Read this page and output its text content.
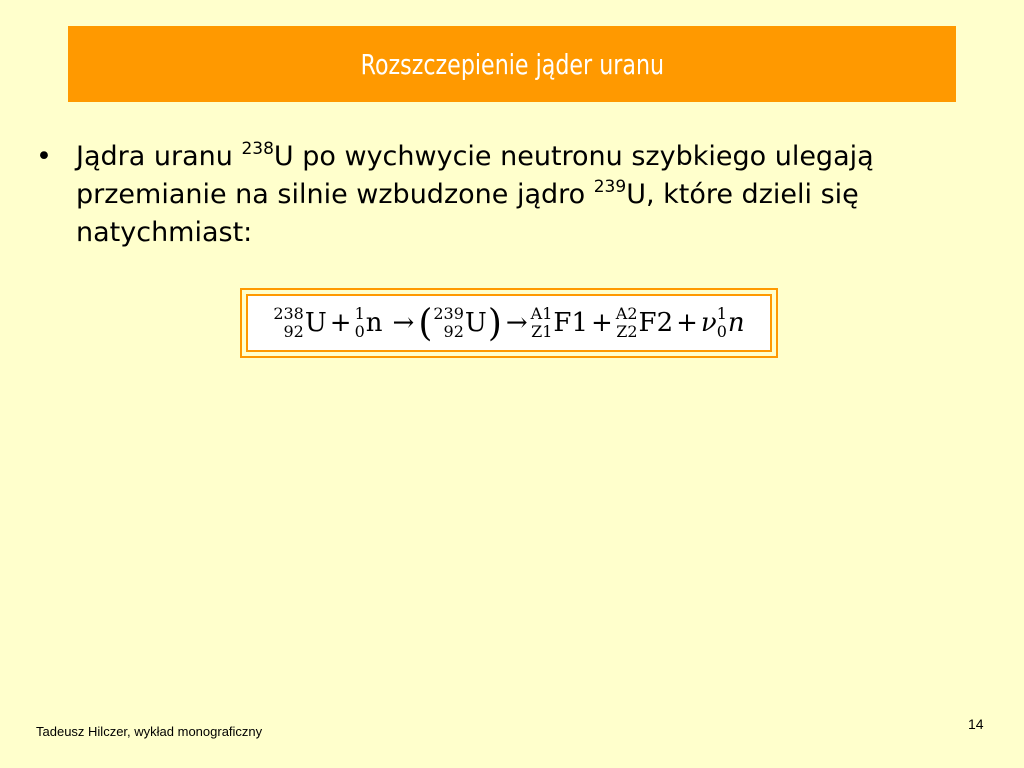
Rozszczepienie jąder uranu
• Jądra uranu $^{238}$U po wychwycie neutronu szybkiego ulegają przemianie na silnie wzbudzone jądro $^{239}$U, które dzieli się natychmiast:
238
92 U + 1
0 n → ( 239
92 U ) → A1
Z1 F1 + A2
Z2 F2 + ν 1
0 n
Tadeusz Hilczer, wykład monograficzny	14
